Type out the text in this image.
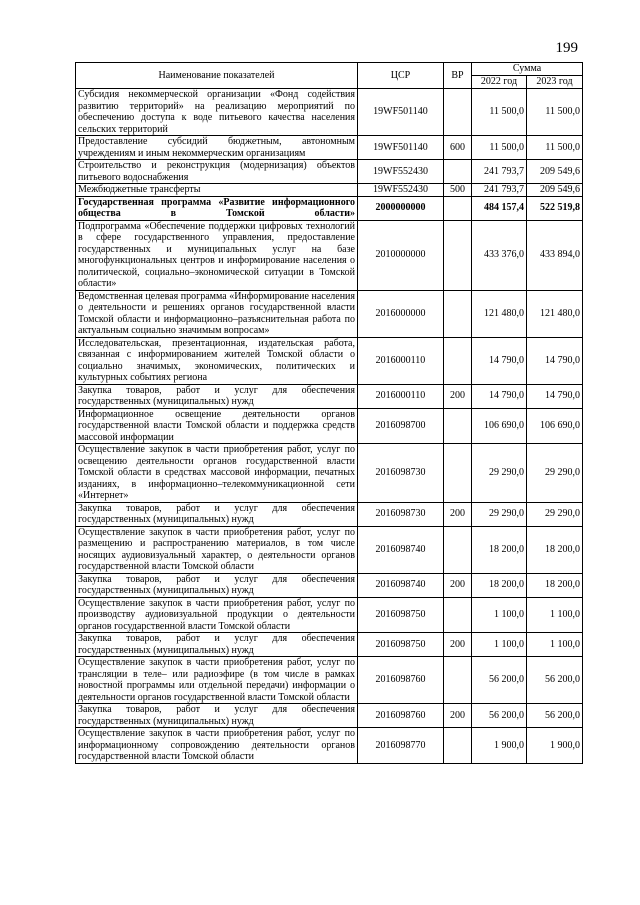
199
Наименование показателей	ЦСР	ВР	Сумма	
			2022 год	2023 год
Субсидия некоммерческой организации «Фонд содействия развитию территорий» на реализацию мероприятий по обеспечению доступа к воде питьевого качества населения сельских территорий	19WF501140		11 500,0	11 500,0
Предоставление субсидий бюджетным, автономным учреждениям и иным некоммерческим организациям	19WF501140	600	11 500,0	11 500,0
Строительство и реконструкция (модернизация) объектов питьевого водоснабжения	19WF552430		241 793,7	209 549,6
Межбюджетные трансферты	19WF552430	500	241 793,7	209 549,6
Государственная программа «Развитие информационного общества в Томской области»	2000000000		484 157,4	522 519,8
Подпрограмма «Обеспечение поддержки цифровых технологий в сфере государственного управления, предоставление государственных и муниципальных услуг на базе многофункциональных центров и информирование населения о политической, социально–экономической ситуации в Томской области»	2010000000		433 376,0	433 894,0
Ведомственная целевая программа «Информирование населения о деятельности и решениях органов государственной власти Томской области и информационно–разъяснительная работа по актуальным социально значимым вопросам»	2016000000		121 480,0	121 480,0
Исследовательская, презентационная, издательская работа, связанная с информированием жителей Томской области о социально значимых, экономических, политических и культурных событиях региона	2016000110		14 790,0	14 790,0
Закупка товаров, работ и услуг для обеспечения государственных (муниципальных) нужд	2016000110	200	14 790,0	14 790,0
Информационное освещение деятельности органов государственной власти Томской области и поддержка средств массовой информации	2016098700		106 690,0	106 690,0
Осуществление закупок в части приобретения работ, услуг по освещению деятельности органов государственной власти Томской области в средствах массовой информации, печатных изданиях, в информационно–телекоммуникационной сети «Интернет»	2016098730		29 290,0	29 290,0
Закупка товаров, работ и услуг для обеспечения государственных (муниципальных) нужд	2016098730	200	29 290,0	29 290,0
Осуществление закупок в части приобретения работ, услуг по размещению и распространению материалов, в том числе носящих аудиовизуальный характер, о деятельности органов государственной власти Томской области	2016098740		18 200,0	18 200,0
Закупка товаров, работ и услуг для обеспечения государственных (муниципальных) нужд	2016098740	200	18 200,0	18 200,0
Осуществление закупок в части приобретения работ, услуг по производству аудиовизуальной продукции о деятельности органов государственной власти Томской области	2016098750		1 100,0	1 100,0
Закупка товаров, работ и услуг для обеспечения государственных (муниципальных) нужд	2016098750	200	1 100,0	1 100,0
Осуществление закупок в части приобретения работ, услуг по трансляции в теле– или радиоэфире (в том числе в рамках новостной программы или отдельной передачи) информации о деятельности органов государственной власти Томской области	2016098760		56 200,0	56 200,0
Закупка товаров, работ и услуг для обеспечения государственных (муниципальных) нужд	2016098760	200	56 200,0	56 200,0
Осуществление закупок в части приобретения работ, услуг по информационному сопровождению деятельности органов государственной власти Томской области	2016098770		1 900,0	1 900,0
